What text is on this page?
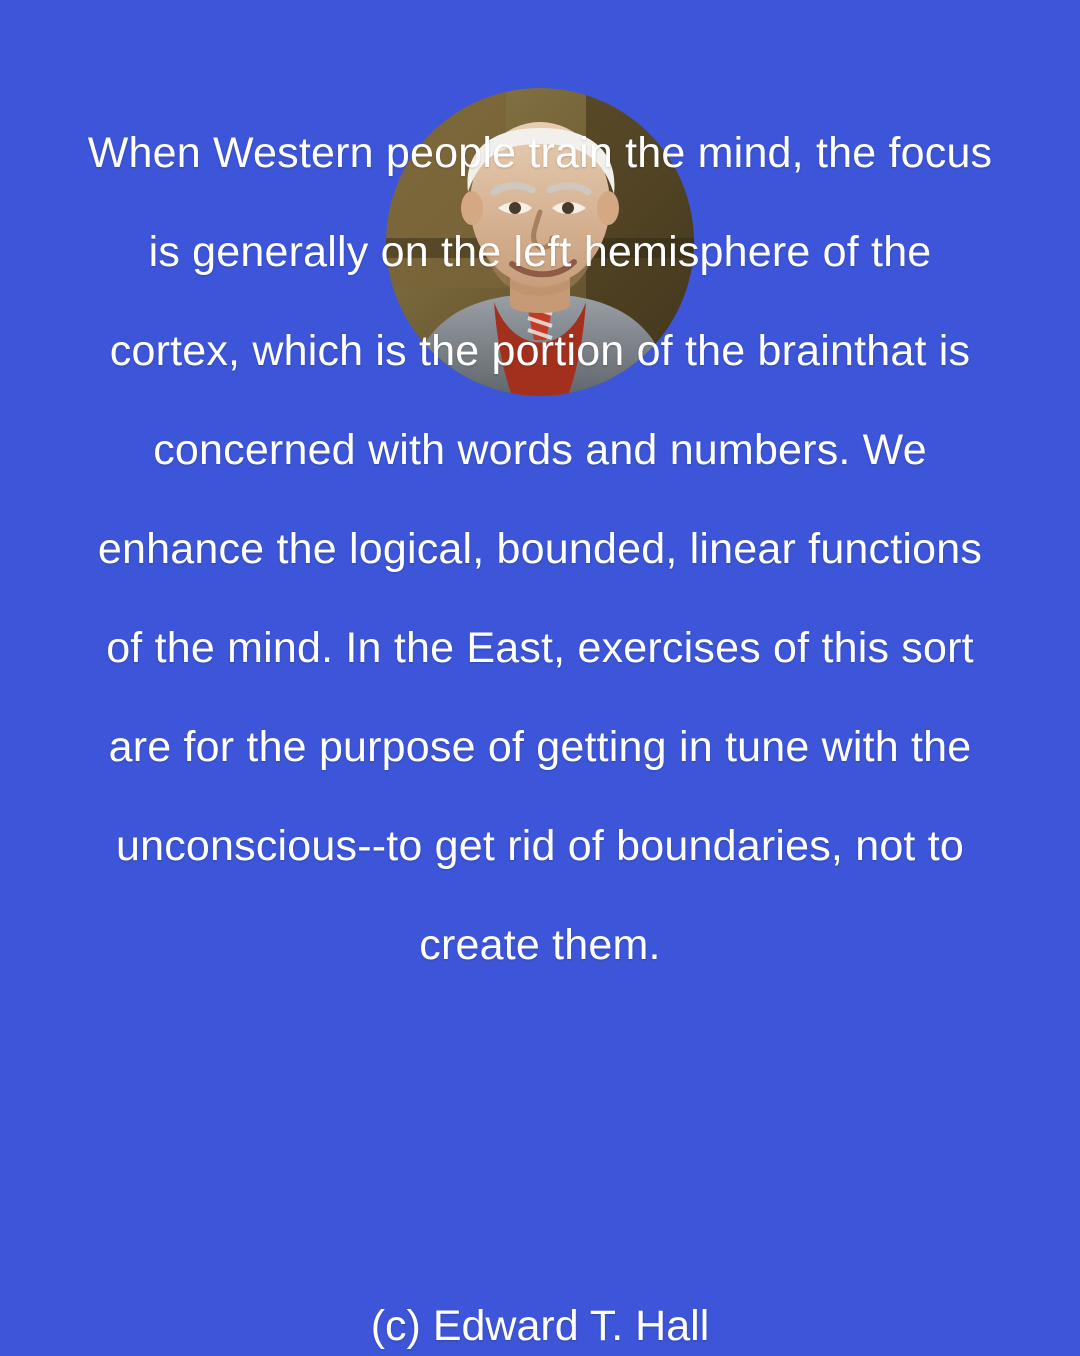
When Western people train the mind, the focus is generally on the left hemisphere of the cortex, which is the portion of the brainthat is concerned with words and numbers. We enhance the logical, bounded, linear functions of the mind. In the East, exercises of this sort are for the purpose of getting in tune with the unconscious--to get rid of boundaries, not to create them.

(c) Edward T. Hall
